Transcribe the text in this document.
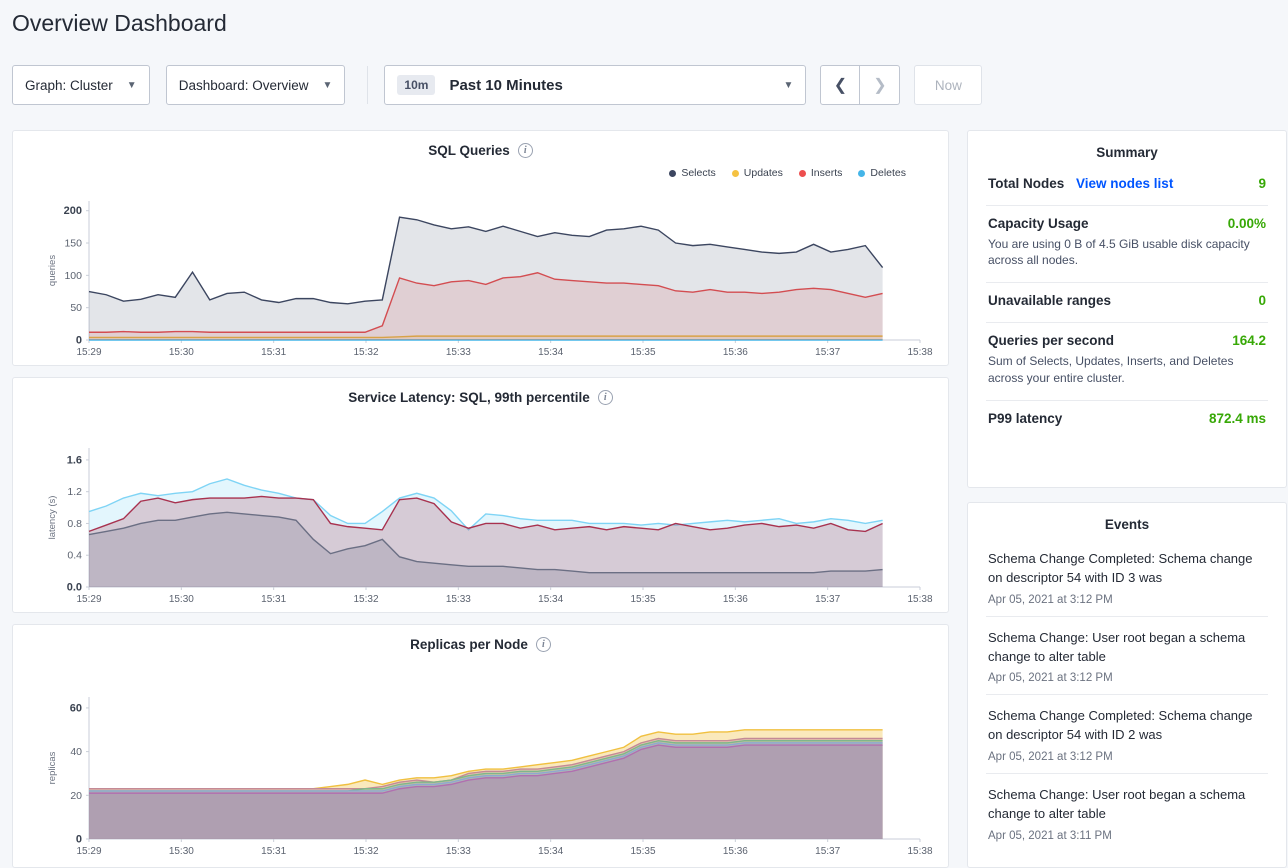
Overview Dashboard
Graph: Cluster ▼	Dashboard: Overview ▼	10m	Past 10 Minutes	▼	❮	❯	Now
SQL Queries	i
Selects	Updates	Inserts	Deletes
200
150
100
50
0
queries
15:29	15:30	15:31	15:32	15:33	15:34	15:35	15:36	15:37	15:38
Service Latency: SQL, 99th percentile	i
1.6
1.2
0.8
0.4
0.0
latency (s)
15:29	15:30	15:31	15:32	15:33	15:34	15:35	15:36	15:37	15:38
Replicas per Node	i
60
40
20
0
replicas
15:29	15:30	15:31	15:32	15:33	15:34	15:35	15:36	15:37	15:38
Summary
Total Nodes View nodes list	9
Capacity Usage	0.00%
You are using 0 B of 4.5 GiB usable disk capacity across all nodes.
Unavailable ranges	0
Queries per second	164.2
Sum of Selects, Updates, Inserts, and Deletes across your entire cluster.
P99 latency	872.4 ms
Events
Schema Change Completed: Schema change on descriptor 54 with ID 3 was
Apr 05, 2021 at 3:12 PM
Schema Change: User root began a schema change to alter table
Apr 05, 2021 at 3:12 PM
Schema Change Completed: Schema change on descriptor 54 with ID 2 was
Apr 05, 2021 at 3:12 PM
Schema Change: User root began a schema change to alter table
Apr 05, 2021 at 3:11 PM
